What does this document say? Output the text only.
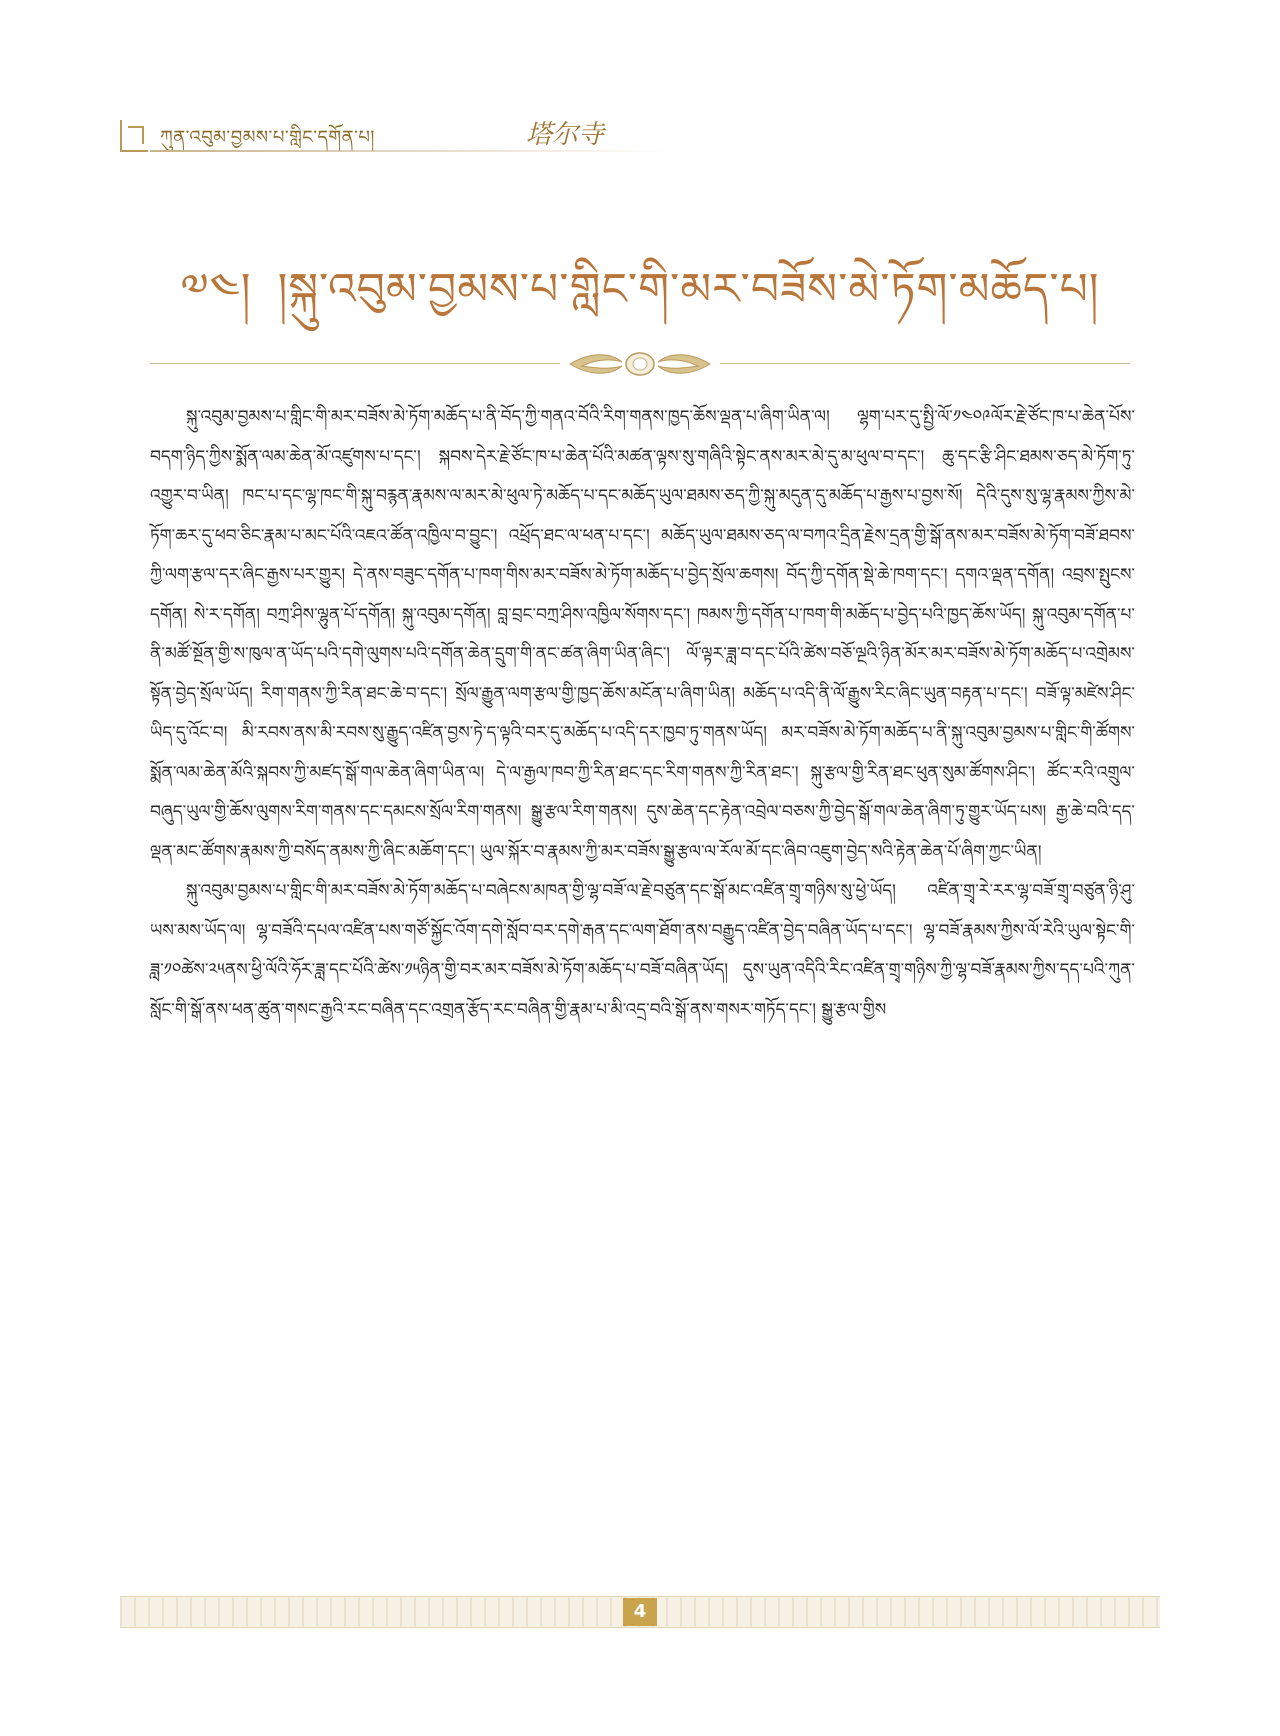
ཀུན་འབུམ་བྱམས་པ་གླིང་དགོན་པ།	塔尔寺
༧༤། །སྐུ་འབུམ་བྱམས་པ་གླིང་གི་མར་བཟོས་མེ་ཏོག་མཆོད་པ།

སྐུ་འབུམ་བྱམས་པ་གླིང་གི་མར་བཟོས་མེ་ཏོག་མཆོད་པ་ནི་བོད་ཀྱི་གནའ་བོའི་རིག་གནས་ཁྱད་ཆོས་ལྡན་པ་ཞིག་ཡིན་ལ། ལྷག་པར་དུ་སྤྱི་ལོ་༡༤༠༩ལོར་རྗེ་ཙོང་ཁ་པ་ཆེན་པོས་བདག་ཉིད་ཀྱིས་སྨོན་ལམ་ཆེན་མོ་འཛུགས་པ་དང་། སྐབས་དེར་རྗེ་ཙོང་ཁ་པ་ཆེན་པོའི་མཚན་ལྟས་སུ་གཞིའི་སྟེང་ནས་མར་མེ་དུ་མ་ཕུལ་བ་དང་། ཆུ་དང་རྩི་ཤིང་ཐམས་ཅད་མེ་ཏོག་ཏུ་འགྱུར་བ་ཡིན། ཁང་པ་དང་ལྷ་ཁང་གི་སྐུ་བརྙན་རྣམས་ལ་མར་མེ་ཕུལ་ཏེ་མཆོད་པ་དང་མཆོད་ཡུལ་ཐམས་ཅད་ཀྱི་སྐུ་མདུན་དུ་མཆོད་པ་རྒྱས་པ་བྱས་སོ། དེའི་དུས་སུ་ལྷ་རྣམས་ཀྱིས་མེ་ཏོག་ཆར་དུ་ཕབ་ཅིང་རྣམ་པ་མང་པོའི་འཇའ་ཚོན་འཁྱིལ་བ་བྱུང་། འཕྲོད་ཐང་ལ་ཕན་པ་དང་། མཆོད་ཡུལ་ཐམས་ཅད་ལ་བཀའ་དྲིན་རྗེས་དྲན་གྱི་སྒོ་ནས་མར་བཟོས་མེ་ཏོག་བཟོ་ཐབས་ཀྱི་ལག་རྩལ་དར་ཞིང་རྒྱས་པར་གྱུར། དེ་ནས་བཟུང་དགོན་པ་ཁག་གིས་མར་བཟོས་མེ་ཏོག་མཆོད་པ་བྱེད་སྲོལ་ཆགས། བོད་ཀྱི་དགོན་སྡེ་ཆེ་ཁག་དང་། དགའ་ལྡན་དགོན། འབྲས་སྤུངས་དགོན། སེ་ར་དགོན། བཀྲ་ཤིས་ལྷུན་པོ་དགོན། སྐུ་འབུམ་དགོན། བླ་བྲང་བཀྲ་ཤིས་འཁྱིལ་སོགས་དང་། ཁམས་ཀྱི་དགོན་པ་ཁག་གི་མཆོད་པ་བྱེད་པའི་ཁྱད་ཆོས་ཡོད། སྐུ་འབུམ་དགོན་པ་ནི་མཚོ་སྔོན་གྱི་ས་ཁུལ་ན་ཡོད་པའི་དགེ་ལུགས་པའི་དགོན་ཆེན་དྲུག་གི་ནང་ཚན་ཞིག་ཡིན་ཞིང་། ལོ་ལྟར་ཟླ་བ་དང་པོའི་ཚེས་བཅོ་ལྔའི་ཉིན་མོར་མར་བཟོས་མེ་ཏོག་མཆོད་པ་འགྲེམས་སྟོན་བྱེད་སྲོལ་ཡོད། རིག་གནས་ཀྱི་རིན་ཐང་ཆེ་བ་དང་། སྲོལ་རྒྱུན་ལག་རྩལ་གྱི་ཁྱད་ཆོས་མངོན་པ་ཞིག་ཡིན། མཆོད་པ་འདི་ནི་ལོ་རྒྱུས་རིང་ཞིང་ཡུན་བརྟན་པ་དང་། བཟོ་ལྟ་མཛེས་ཤིང་ཡིད་དུ་འོང་བ། མི་རབས་ནས་མི་རབས་སུ་རྒྱུད་འཛིན་བྱས་ཏེ་ད་ལྟའི་བར་དུ་མཆོད་པ་འདི་དར་ཁྱབ་ཏུ་གནས་ཡོད། མར་བཟོས་མེ་ཏོག་མཆོད་པ་ནི་སྐུ་འབུམ་བྱམས་པ་གླིང་གི་ཚོགས་སྨོན་ལམ་ཆེན་མོའི་སྐབས་ཀྱི་མཛད་སྒོ་གལ་ཆེན་ཞིག་ཡིན་ལ། དེ་ལ་རྒྱལ་ཁབ་ཀྱི་རིན་ཐང་དང་རིག་གནས་ཀྱི་རིན་ཐང་། སྐུ་རྩལ་གྱི་རིན་ཐང་ཕུན་སུམ་ཚོགས་ཤིང་། ཚོང་རའི་འགྲུལ་བཞུད་ཡུལ་གྱི་ཆོས་ལུགས་རིག་གནས་དང་དམངས་སྲོལ་རིག་གནས། སྒྱུ་རྩལ་རིག་གནས། དུས་ཆེན་དང་རྟེན་འབྲེལ་བཅས་ཀྱི་བྱེད་སྒོ་གལ་ཆེན་ཞིག་ཏུ་གྱུར་ཡོད་པས། རྒྱ་ཆེ་བའི་དད་ལྡན་མང་ཚོགས་རྣམས་ཀྱི་བསོད་ནམས་ཀྱི་ཞིང་མཆོག་དང་། ཡུལ་སྐོར་བ་རྣམས་ཀྱི་མར་བཟོས་སྒྱུ་རྩལ་ལ་རོལ་མོ་དང་ཞིབ་འཇུག་བྱེད་སའི་རྟེན་ཆེན་པོ་ཞིག་ཀྱང་ཡིན།

སྐུ་འབུམ་བྱམས་པ་གླིང་གི་མར་བཟོས་མེ་ཏོག་མཆོད་པ་བཞེངས་མཁན་གྱི་ལྷ་བཟོ་ལ་རྗེ་བཙུན་དང་སྒོ་མང་འཛིན་གྲྭ་གཉིས་སུ་ཕྱེ་ཡོད། འཛིན་གྲྭ་རེ་རར་ལྷ་བཟོ་གྲྭ་བཙུན་ཉི་ཤུ་ཡས་མས་ཡོད་ལ། ལྷ་བཟོའི་དཔལ་འཛིན་པས་གཙོ་སྐྱོང་འོག་དགེ་སློབ་བར་དགེ་རྒན་དང་ལག་ཐོག་ནས་བརྒྱུད་འཛིན་བྱེད་བཞིན་ཡོད་པ་དང་། ལྷ་བཟོ་རྣམས་ཀྱིས་ལོ་རེའི་ཡུལ་སྟེང་གི་ཟླ་༡༠ཚེས་༢༥ནས་ཕྱི་ལོའི་ཧོར་ཟླ་དང་པོའི་ཚེས་༡༥ཉིན་གྱི་བར་མར་བཟོས་མེ་ཏོག་མཆོད་པ་བཟོ་བཞིན་ཡོད། དུས་ཡུན་འདིའི་རིང་འཛིན་གྲྭ་གཉིས་ཀྱི་ལྷ་བཟོ་རྣམས་ཀྱིས་དད་པའི་ཀུན་སློང་གི་སྒོ་ནས་ཕན་ཚུན་གསང་རྒྱའི་རང་བཞིན་དང་འགྲན་རྩོད་རང་བཞིན་གྱི་རྣམ་པ་མི་འདྲ་བའི་སྒོ་ནས་གསར་གཏོད་དང་། སྒྱུ་རྩལ་གྱིས

4
